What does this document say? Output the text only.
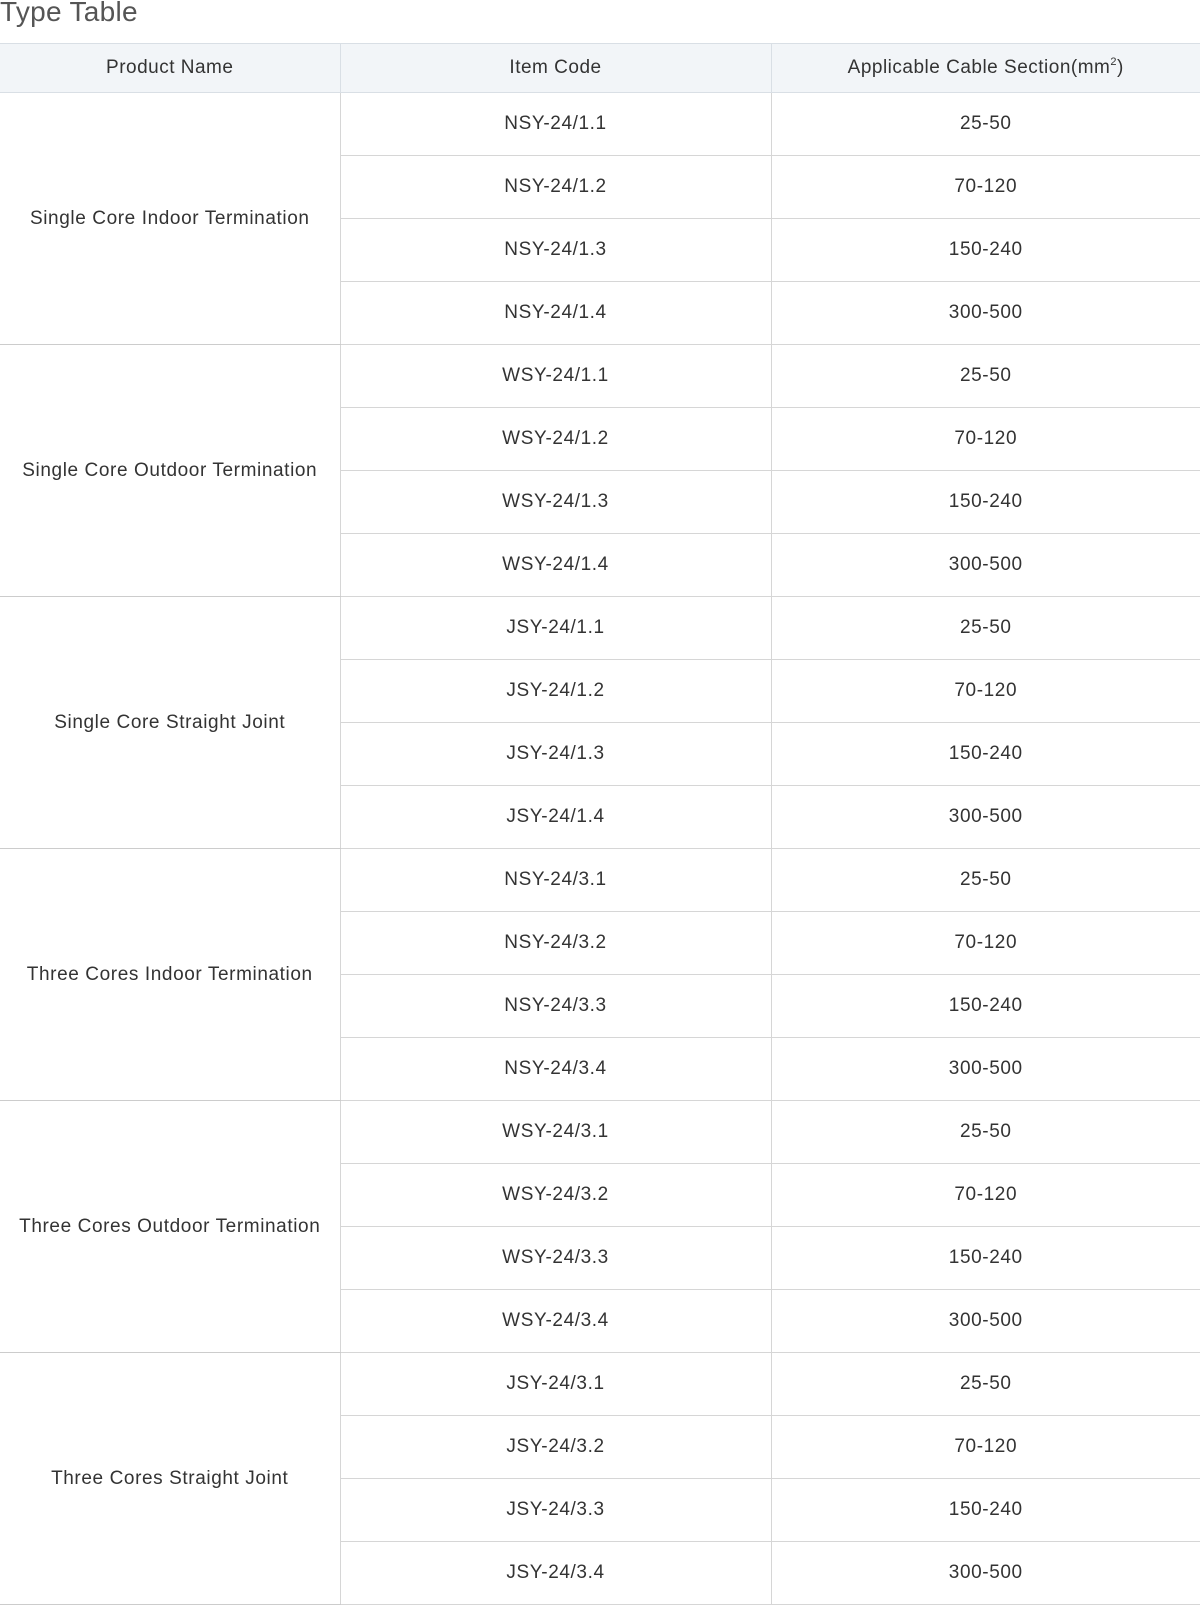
Type Table
Product Name	Item Code	Applicable Cable $Section(mm^2)$
Single Core Indoor Termination	NSY-24/1.1	25-50
	NSY-24/1.2	70-120
	NSY-24/1.3	150-240
	NSY-24/1.4	300-500
Single Core Outdoor Termination	WSY-24/1.1	25-50
	WSY-24/1.2	70-120
	WSY-24/1.3	150-240
	WSY-24/1.4	300-500
Single Core Straight Joint	JSY-24/1.1	25-50
	JSY-24/1.2	70-120
	JSY-24/1.3	150-240
	JSY-24/1.4	300-500
Three Cores Indoor Termination	NSY-24/3.1	25-50
	NSY-24/3.2	70-120
	NSY-24/3.3	150-240
	NSY-24/3.4	300-500
Three Cores Outdoor Termination	WSY-24/3.1	25-50
	WSY-24/3.2	70-120
	WSY-24/3.3	150-240
	WSY-24/3.4	300-500
Three Cores Straight Joint	JSY-24/3.1	25-50
	JSY-24/3.2	70-120
	JSY-24/3.3	150-240
	JSY-24/3.4	300-500
